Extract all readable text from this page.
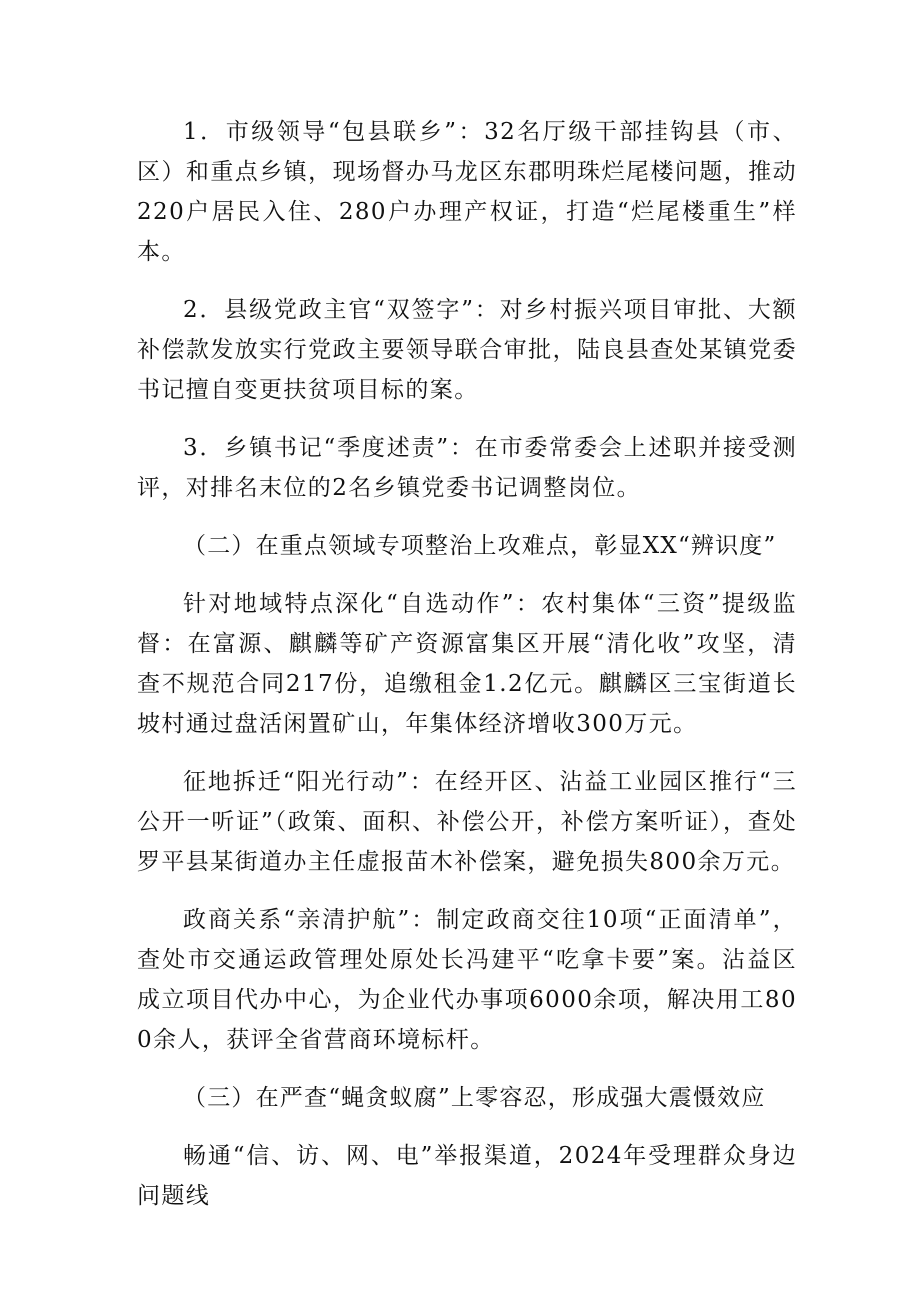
1．市级领导“包县联乡”：32名厅级干部挂钩县（市、区）和重点乡镇，现场督办马龙区东郡明珠烂尾楼问题，推动220户居民入住、280户办理产权证，打造“烂尾楼重生”样本。

2．县级党政主官“双签字”：对乡村振兴项目审批、大额补偿款发放实行党政主要领导联合审批，陆良县查处某镇党委书记擅自变更扶贫项目标的案。

3．乡镇书记“季度述责”：在市委常委会上述职并接受测评，对排名末位的2名乡镇党委书记调整岗位。

（二）在重点领域专项整治上攻难点，彰显XX“辨识度”

针对地域特点深化“自选动作”：农村集体“三资”提级监督：在富源、麒麟等矿产资源富集区开展“清化收”攻坚，清查不规范合同217份，追缴租金1.2亿元。麒麟区三宝街道长坡村通过盘活闲置矿山，年集体经济增收300万元。

征地拆迁“阳光行动”：在经开区、沾益工业园区推行“三公开一听证”（政策、面积、补偿公开，补偿方案听证），查处罗平县某街道办主任虚报苗木补偿案，避免损失800余万元。

政商关系“亲清护航”：制定政商交往10项“正面清单”，查处市交通运政管理处原处长冯建平“吃拿卡要”案。沾益区成立项目代办中心，为企业代办事项6000余项，解决用工800余人，获评全省营商环境标杆。

（三）在严查“蝇贪蚁腐”上零容忍，形成强大震慑效应

畅通“信、访、网、电”举报渠道，2024年受理群众身边问题线
